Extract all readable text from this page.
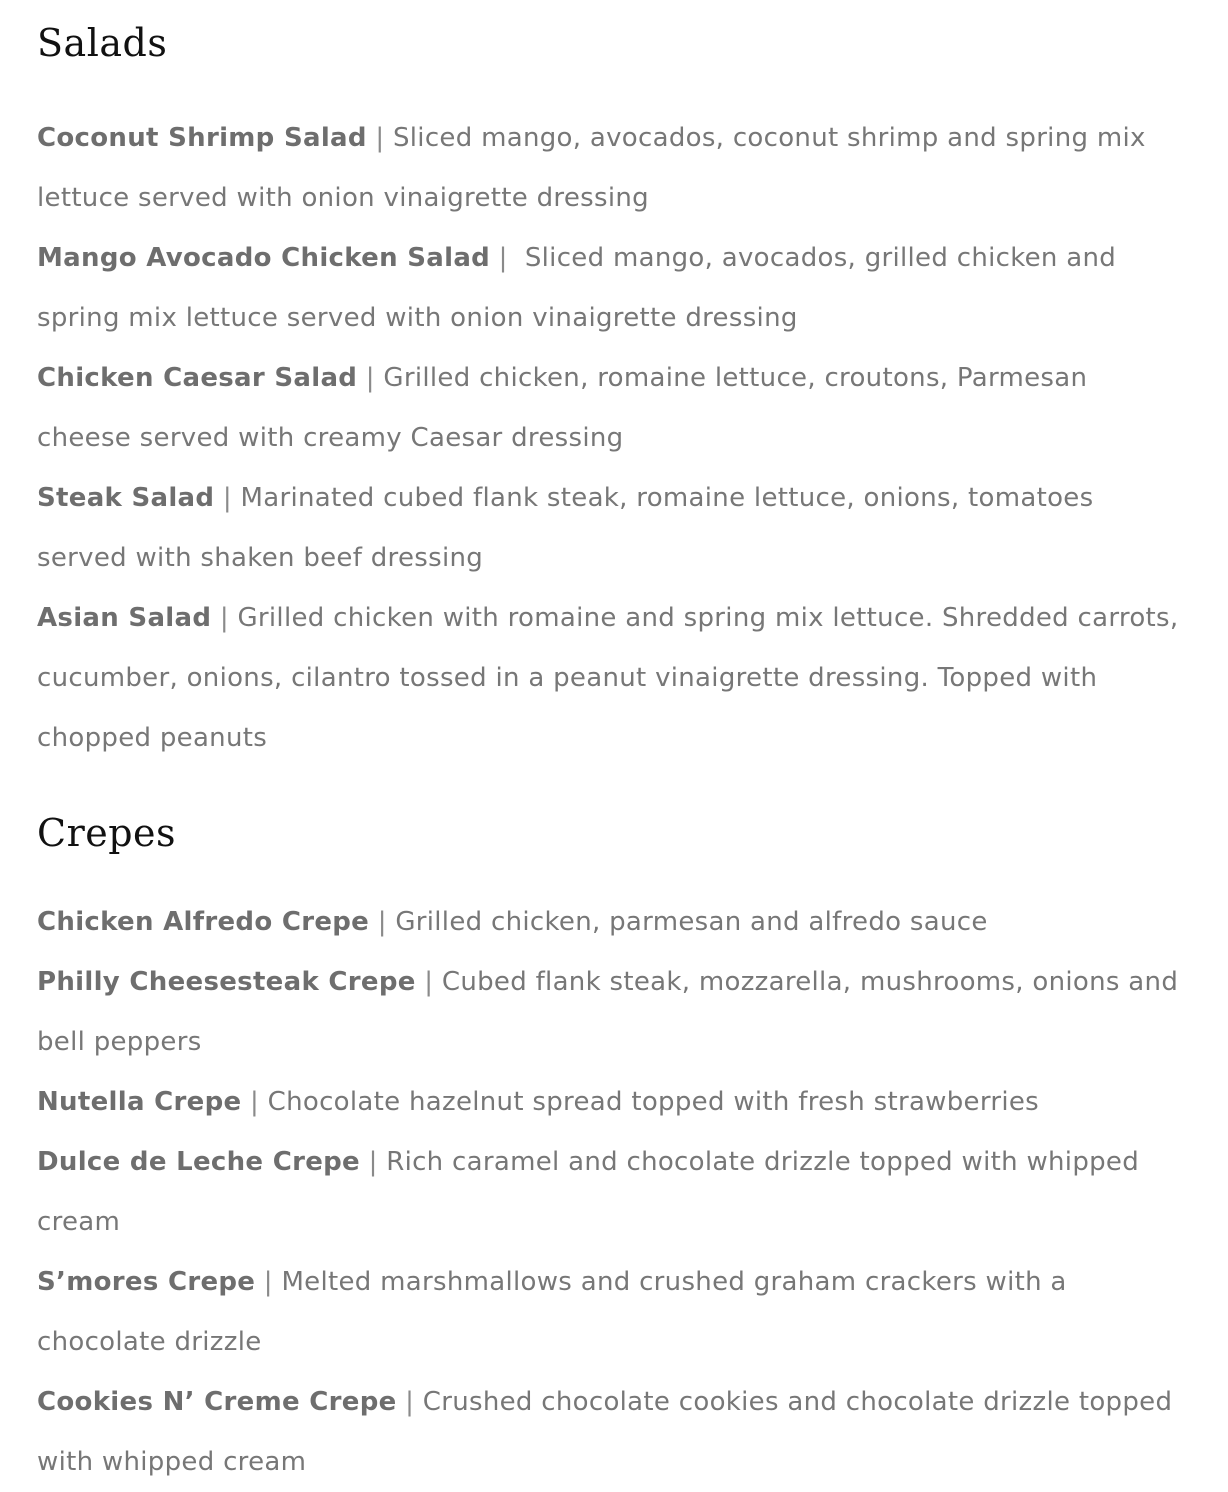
Salads
Coconut Shrimp Salad | Sliced mango, avocados, coconut shrimp and spring mix lettuce served with onion vinaigrette dressing
Mango Avocado Chicken Salad |  Sliced mango, avocados, grilled chicken and spring mix lettuce served with onion vinaigrette dressing
Chicken Caesar Salad | Grilled chicken, romaine lettuce, croutons, Parmesan cheese served with creamy Caesar dressing
Steak Salad | Marinated cubed flank steak, romaine lettuce, onions, tomatoes served with shaken beef dressing
Asian Salad | Grilled chicken with romaine and spring mix lettuce. Shredded carrots, cucumber, onions, cilantro tossed in a peanut vinaigrette dressing. Topped with chopped peanuts
Crepes
Chicken Alfredo Crepe | Grilled chicken, parmesan and alfredo sauce
Philly Cheesesteak Crepe | Cubed flank steak, mozzarella, mushrooms, onions and bell peppers
Nutella Crepe | Chocolate hazelnut spread topped with fresh strawberries
Dulce de Leche Crepe | Rich caramel and chocolate drizzle topped with whipped cream
S’mores Crepe | Melted marshmallows and crushed graham crackers with a chocolate drizzle
Cookies N’ Creme Crepe | Crushed chocolate cookies and chocolate drizzle topped with whipped cream
